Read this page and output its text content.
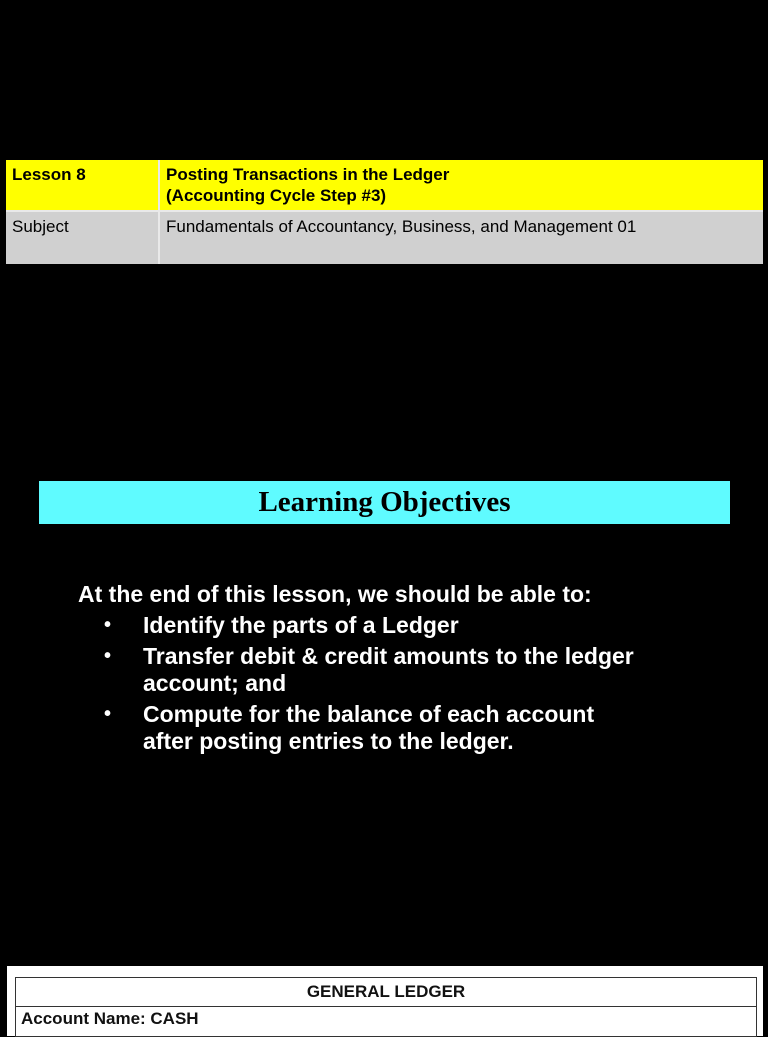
Lesson 8	Posting Transactions in the Ledger
(Accounting Cycle Step #3)

Subject	Fundamentals of Accountancy, Business, and Management 01
Learning Objectives
At the end of this lesson, we should be able to:
• Identify the parts of a Ledger
• Transfer debit & credit amounts to the ledger
account; and
• Compute for the balance of each account
after posting entries to the ledger.
GENERAL LEDGER
Account Name: CASH
